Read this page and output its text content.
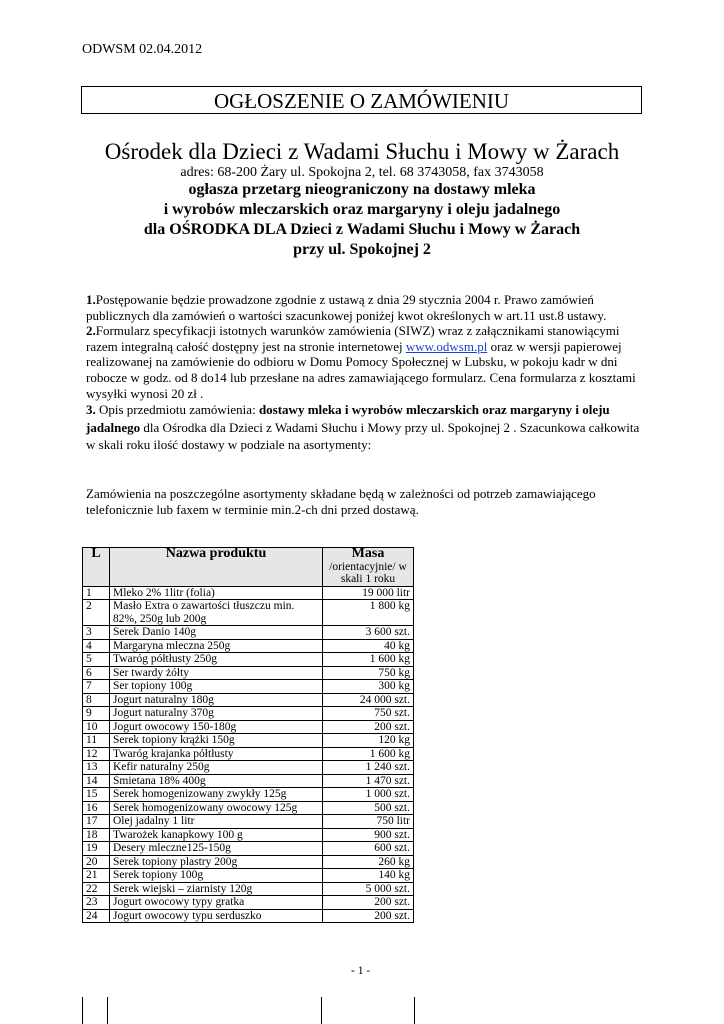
ODWSM 02.04.2012
OGŁOSZENIE O ZAMÓWIENIU
Ośrodek dla Dzieci z Wadami Słuchu i Mowy w Żarach
adres: 68-200 Żary ul. Spokojna 2, tel. 68 3743058, fax 3743058
ogłasza przetarg nieograniczony na dostawy mleka
i wyrobów mleczarskich oraz margaryny i oleju jadalnego
dla OŚRODKA DLA Dzieci z Wadami Słuchu i Mowy w Żarach
przy ul. Spokojnej 2

1.Postępowanie będzie prowadzone zgodnie z ustawą z dnia 29 stycznia 2004 r. Prawo zamówień publicznych dla zamówień o wartości szacunkowej poniżej kwot określonych w art.11 ust.8 ustawy.

2.Formularz specyfikacji istotnych warunków zamówienia (SIWZ) wraz z załącznikami stanowiącymi razem integralną całość dostępny jest na stronie internetowej www.odwsm.pl oraz w wersji papierowej realizowanej na zamówienie do odbioru w Domu Pomocy Społecznej w Lubsku, w pokoju kadr w dni robocze w godz. od 8 do14 lub przesłane na adres zamawiającego formularz. Cena formularza z kosztami wysyłki wynosi 20 zł .

3. Opis przedmiotu zamówienia: dostawy mleka i wyrobów mleczarskich oraz margaryny i oleju jadalnego dla Ośrodka dla Dzieci z Wadami Słuchu i Mowy przy ul. Spokojnej 2 . Szacunkowa całkowita w skali roku ilość dostawy w podziale na asortymenty:

Zamówienia na poszczególne asortymenty składane będą w zależności od potrzeb zamawiającego telefonicznie lub faxem w terminie min.2-ch dni przed dostawą.
L	Nazwa produktu	Masa
/orientacyjnie/ w skali 1 roku

1	Mleko 2% 1litr (folia)	19 000 litr
2	Masło Extra o zawartości tłuszczu min. 82%, 250g lub 200g	1 800 kg
3	Serek Danio 140g	3 600 szt.
4	Margaryna mleczna 250g	40 kg
5	Twaróg półtłusty 250g	1 600 kg
6	Ser twardy żółty	750 kg
7	Ser topiony 100g	300 kg
8	Jogurt naturalny 180g	24 000 szt.
9	Jogurt naturalny 370g	750 szt.
10	Jogurt owocowy 150-180g	200 szt.
11	Serek topiony krążki 150g	120 kg
12	Twaróg krajanka półtłusty	1 600 kg
13	Kefir naturalny 250g	1 240 szt.
14	Śmietana 18% 400g	1 470 szt.
15	Serek homogenizowany zwykły 125g	1 000 szt.
16	Serek homogenizowany owocowy 125g	500 szt.
17	Olej jadalny 1 litr	750 litr
18	Twarożek kanapkowy 100 g	900 szt.
19	Desery mleczne125-150g	600 szt.
20	Serek topiony plastry 200g	260 kg
21	Serek topiony 100g	140 kg
22	Serek wiejski – ziarnisty 120g	5 000 szt.
23	Jogurt owocowy typy gratka	200 szt.
24	Jogurt owocowy typu serduszko	200 szt.
- 1 -
